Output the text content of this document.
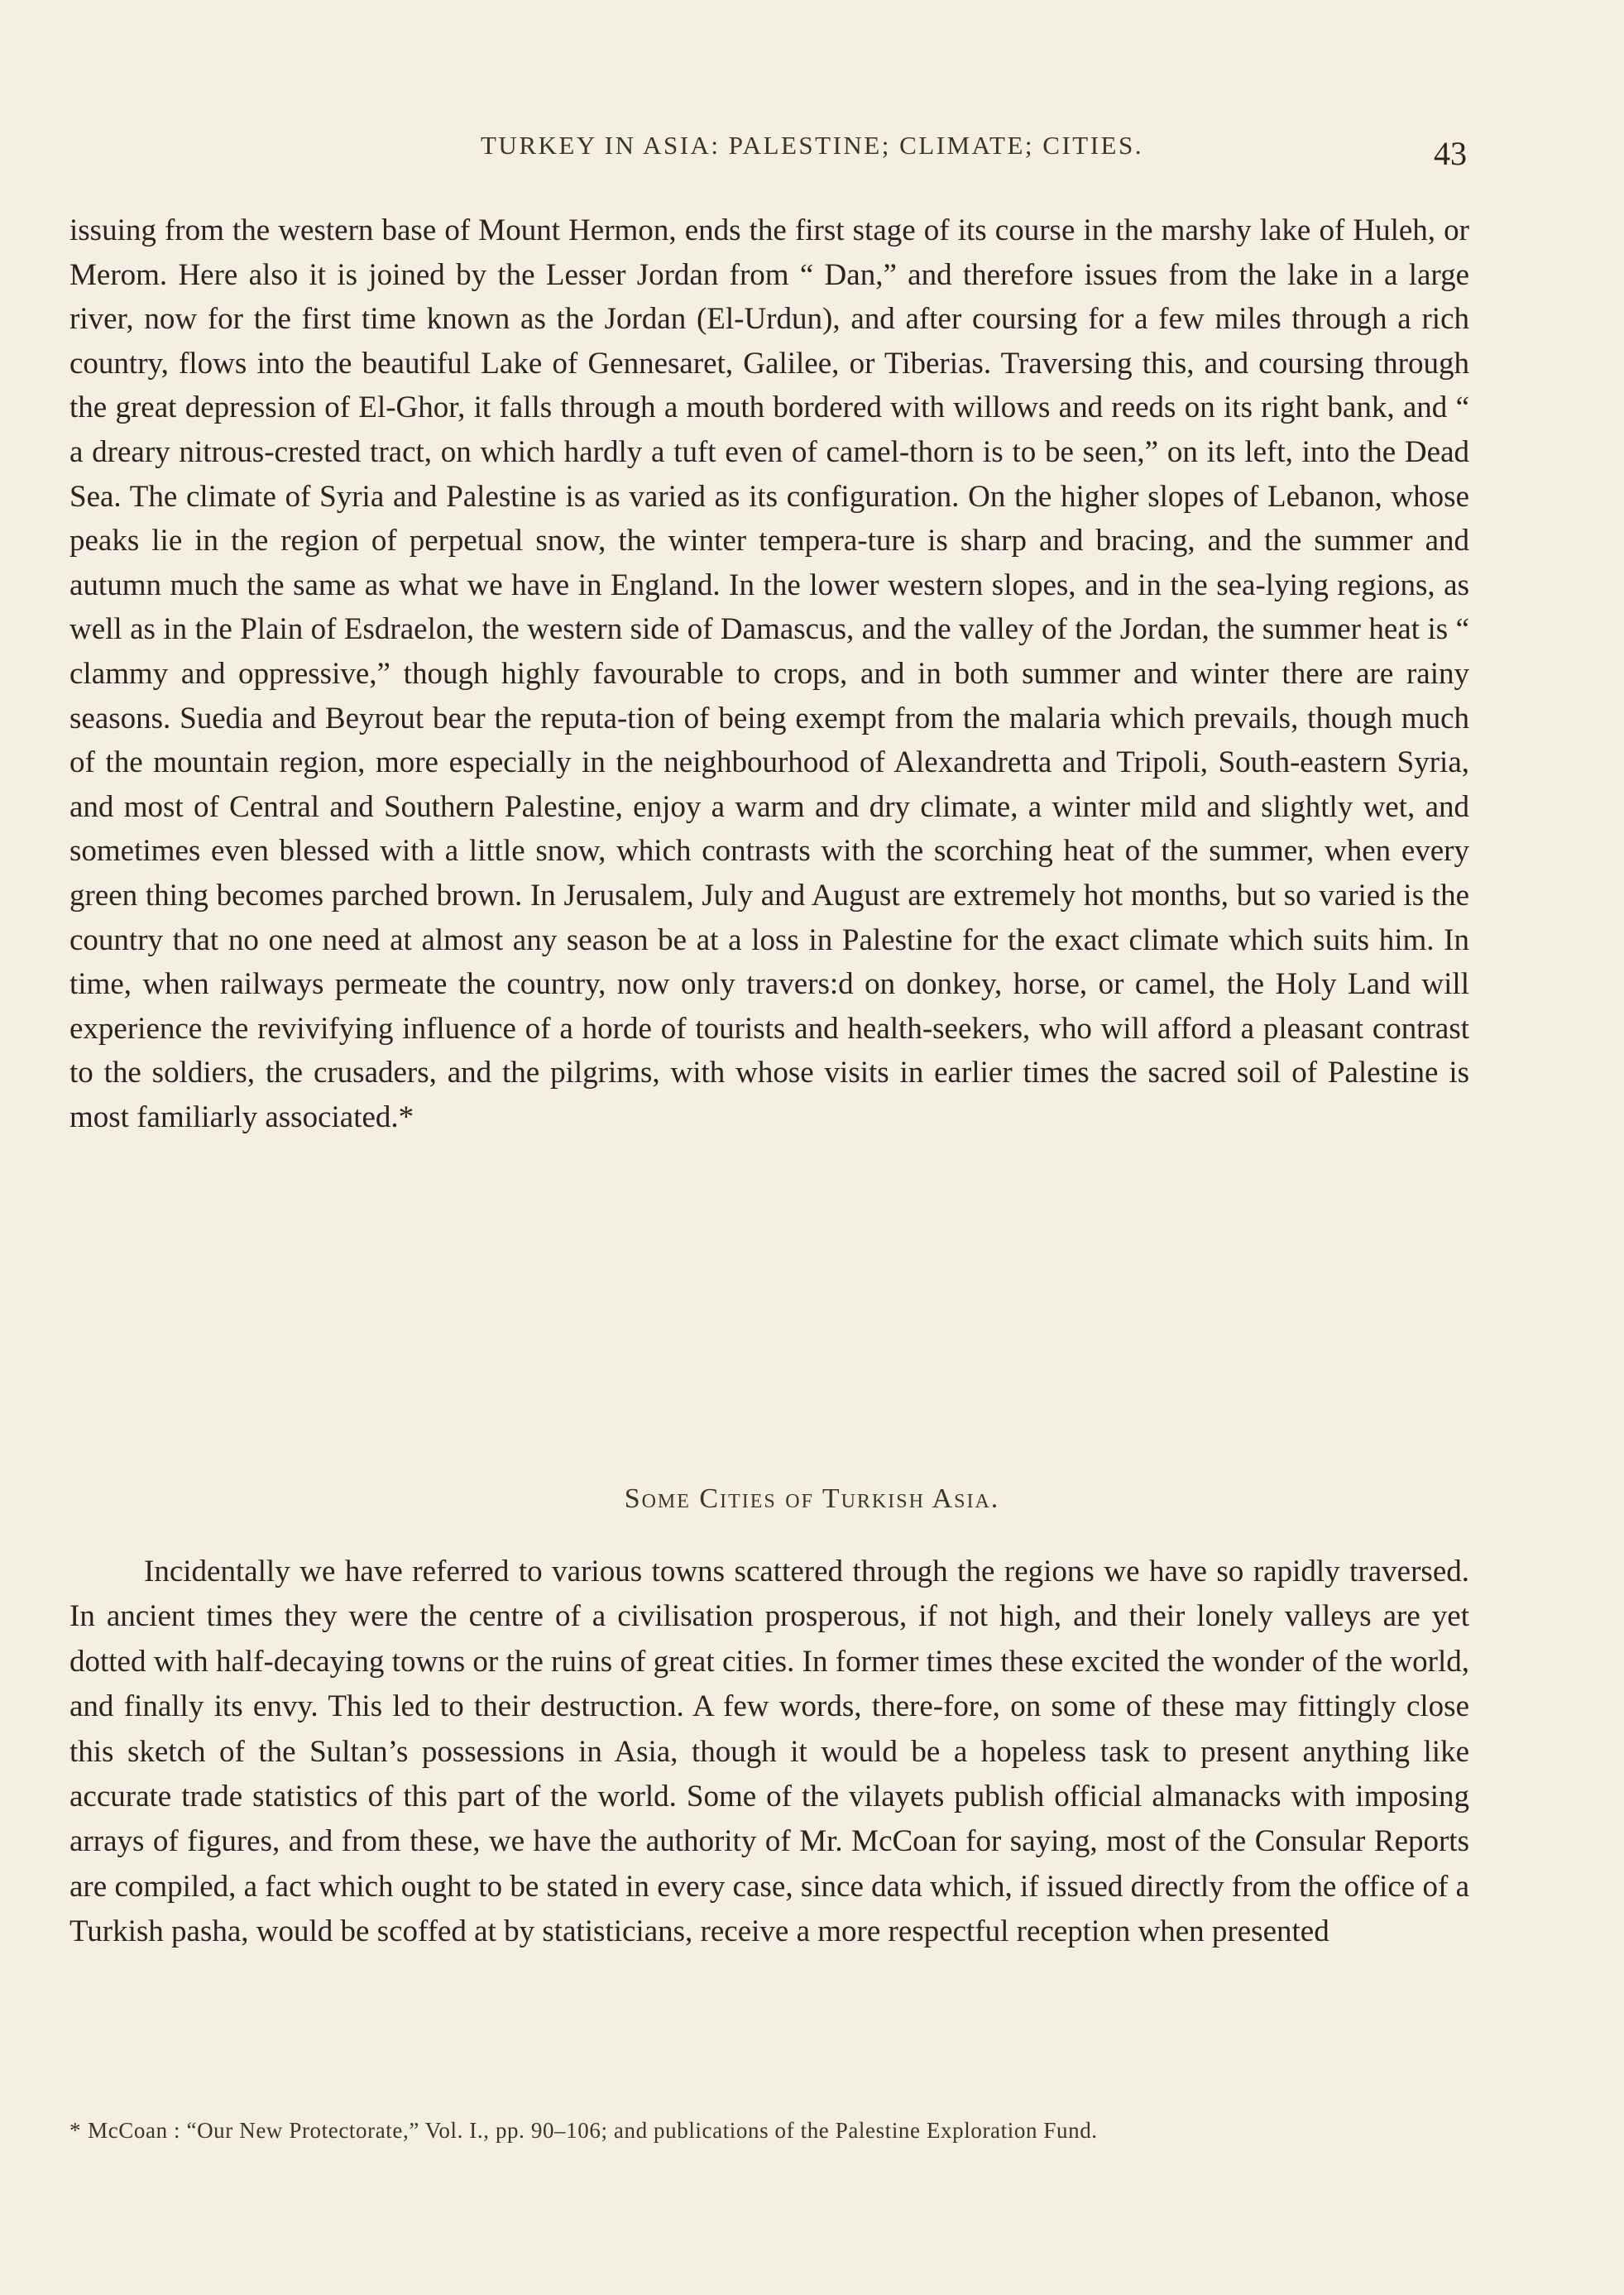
TURKEY IN ASIA: PALESTINE; CLIMATE; CITIES.	43

issuing from the western base of Mount Hermon, ends the first stage of its course in the marshy lake of Huleh, or Merom. Here also it is joined by the Lesser Jordan from “ Dan,” and therefore issues from the lake in a large river, now for the first time known as the Jordan (El-Urdun), and after coursing for a few miles through a rich country, flows into the beautiful Lake of Gennesaret, Galilee, or Tiberias. Traversing this, and coursing through the great depression of El-Ghor, it falls through a mouth bordered with willows and reeds on its right bank, and “ a dreary nitrous-crested tract, on which hardly a tuft even of camel-thorn is to be seen,” on its left, into the Dead Sea. The climate of Syria and Palestine is as varied as its configuration. On the higher slopes of Lebanon, whose peaks lie in the region of perpetual snow, the winter tempera-ture is sharp and bracing, and the summer and autumn much the same as what we have in England. In the lower western slopes, and in the sea-lying regions, as well as in the Plain of Esdraelon, the western side of Damascus, and the valley of the Jordan, the summer heat is “ clammy and oppressive,” though highly favourable to crops, and in both summer and winter there are rainy seasons. Suedia and Beyrout bear the reputa-tion of being exempt from the malaria which prevails, though much of the mountain region, more especially in the neighbourhood of Alexandretta and Tripoli, South-eastern Syria, and most of Central and Southern Palestine, enjoy a warm and dry climate, a winter mild and slightly wet, and sometimes even blessed with a little snow, which contrasts with the scorching heat of the summer, when every green thing becomes parched brown. In Jerusalem, July and August are extremely hot months, but so varied is the country that no one need at almost any season be at a loss in Palestine for the exact climate which suits him. In time, when railways permeate the country, now only travers:d on donkey, horse, or camel, the Holy Land will experience the revivifying influence of a horde of tourists and health-seekers, who will afford a pleasant contrast to the soldiers, the crusaders, and the pilgrims, with whose visits in earlier times the sacred soil of Palestine is most familiarly associated.*

Some Cities of Turkish Asia.

Incidentally we have referred to various towns scattered through the regions we have so rapidly traversed. In ancient times they were the centre of a civilisation prosperous, if not high, and their lonely valleys are yet dotted with half-decaying towns or the ruins of great cities. In former times these excited the wonder of the world, and finally its envy. This led to their destruction. A few words, there-fore, on some of these may fittingly close this sketch of the Sultan’s possessions in Asia, though it would be a hopeless task to present anything like accurate trade statistics of this part of the world. Some of the vilayets publish official almanacks with imposing arrays of figures, and from these, we have the authority of Mr. McCoan for saying, most of the Consular Reports are compiled, a fact which ought to be stated in every case, since data which, if issued directly from the office of a Turkish pasha, would be scoffed at by statisticians, receive a more respectful reception when presented

* McCoan : “Our New Protectorate,” Vol. I., pp. 90–106; and publications of the Palestine Exploration Fund.
